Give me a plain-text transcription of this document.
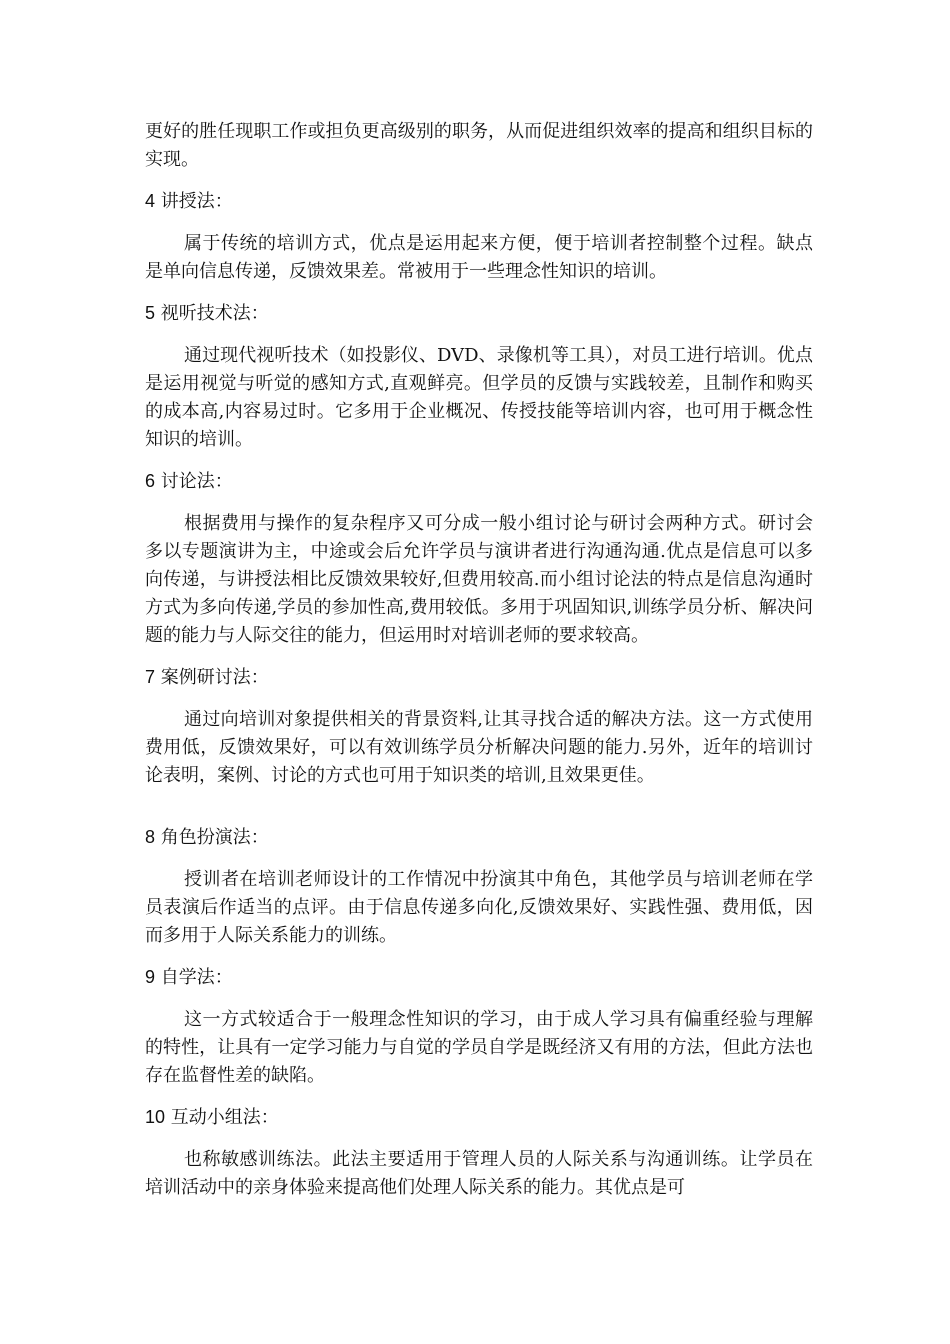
更好的胜任现职工作或担负更高级别的职务，从而促进组织效率的提高和组织目标的实现。

4 讲授法：

属于传统的培训方式，优点是运用起来方便，便于培训者控制整个过程。缺点是单向信息传递，反馈效果差。常被用于一些理念性知识的培训。

5 视听技术法：

通过现代视听技术（如投影仪、DVD、录像机等工具），对员工进行培训。优点是运用视觉与听觉的感知方式,直观鲜亮。但学员的反馈与实践较差，且制作和购买的成本高,内容易过时。它多用于企业概况、传授技能等培训内容，也可用于概念性知识的培训。

6 讨论法：

根据费用与操作的复杂程序又可分成一般小组讨论与研讨会两种方式。研讨会多以专题演讲为主，中途或会后允许学员与演讲者进行沟通沟通.优点是信息可以多向传递，与讲授法相比反馈效果较好,但费用较高.而小组讨论法的特点是信息沟通时方式为多向传递,学员的参加性高,费用较低。多用于巩固知识,训练学员分析、解决问题的能力与人际交往的能力，但运用时对培训老师的要求较高。

7 案例研讨法：

通过向培训对象提供相关的背景资料,让其寻找合适的解决方法。这一方式使用费用低，反馈效果好，可以有效训练学员分析解决问题的能力.另外，近年的培训讨论表明，案例、讨论的方式也可用于知识类的培训,且效果更佳。

8 角色扮演法：

授训者在培训老师设计的工作情况中扮演其中角色，其他学员与培训老师在学员表演后作适当的点评。由于信息传递多向化,反馈效果好、实践性强、费用低，因而多用于人际关系能力的训练。

9 自学法：

这一方式较适合于一般理念性知识的学习，由于成人学习具有偏重经验与理解的特性，让具有一定学习能力与自觉的学员自学是既经济又有用的方法，但此方法也存在监督性差的缺陷。

10 互动小组法：

也称敏感训练法。此法主要适用于管理人员的人际关系与沟通训练。让学员在培训活动中的亲身体验来提高他们处理人际关系的能力。其优点是可
